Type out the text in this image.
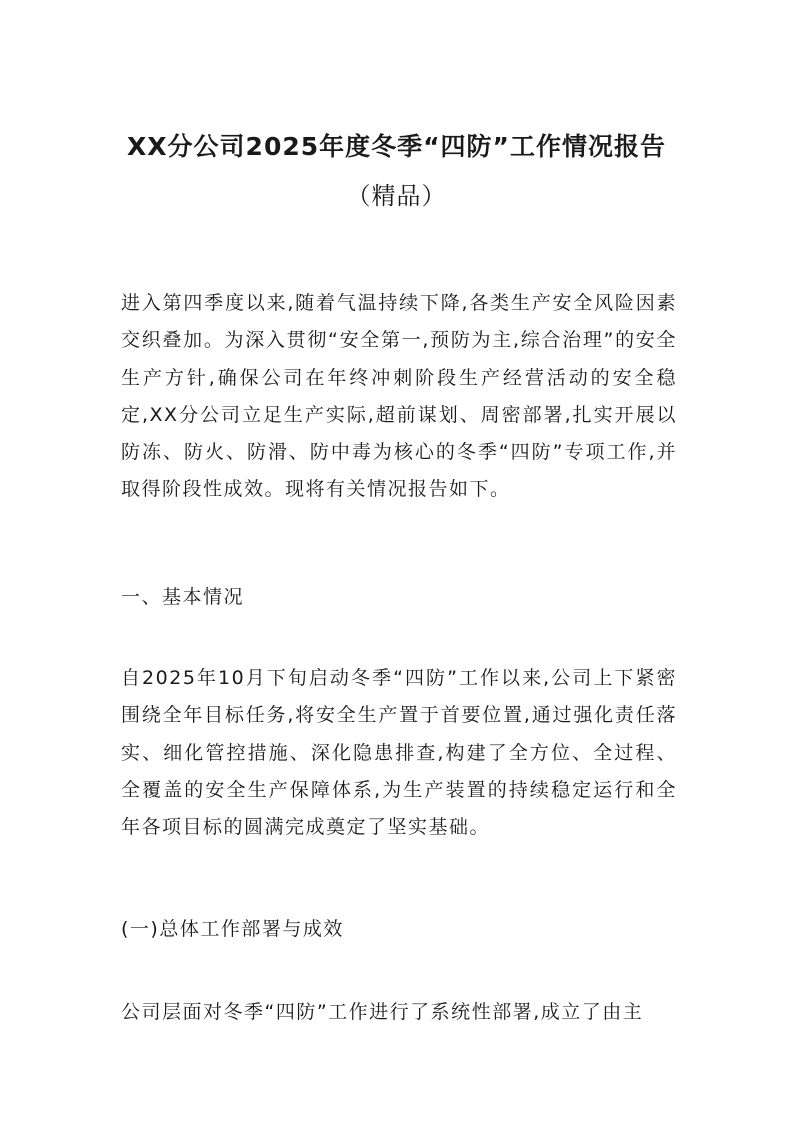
XX分公司2025年度冬季“四防”工作情况报告
（精品）

进入第四季度以来,随着气温持续下降,各类生产安全风险因素交织叠加。为深入贯彻“安全第一,预防为主,综合治理”的安全生产方针,确保公司在年终冲刺阶段生产经营活动的安全稳定,XX分公司立足生产实际,超前谋划、周密部署,扎实开展以防冻、防火、防滑、防中毒为核心的冬季“四防”专项工作,并取得阶段性成效。现将有关情况报告如下。

一、基本情况

自2025年10月下旬启动冬季“四防”工作以来,公司上下紧密围绕全年目标任务,将安全生产置于首要位置,通过强化责任落实、细化管控措施、深化隐患排查,构建了全方位、全过程、全覆盖的安全生产保障体系,为生产装置的持续稳定运行和全年各项目标的圆满完成奠定了坚实基础。

(一)总体工作部署与成效

公司层面对冬季“四防”工作进行了系统性部署,成立了由主
